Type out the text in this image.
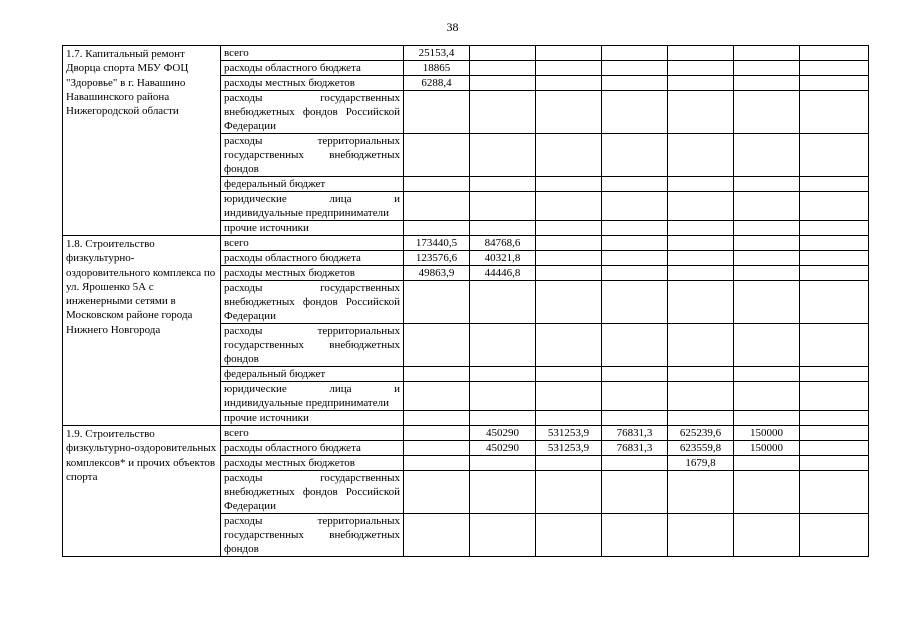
38
1.7. Капитальный ремонт Дворца спорта МБУ ФОЦ "Здоровье" в г. Навашино Навашинского района Нижегородской области	всего	25153,4						
	расходы областного бюджета	18865						
	расходы местных бюджетов	6288,4						
	расходы государственных внебюджетных фондов Российской Федерации							
	расходы территориальных государственных внебюджетных фондов							
	федеральный бюджет							
	юридические лица и индивидуальные предприниматели							
	прочие источники							
1.8. Строительство физкультурно-оздоровительного комплекса по ул. Ярошенко 5А с инженерными сетями в Московском районе города Нижнего Новгорода	всего	173440,5	84768,6					
	расходы областного бюджета	123576,6	40321,8					
	расходы местных бюджетов	49863,9	44446,8					
	расходы государственных внебюджетных фондов Российской Федерации							
	расходы территориальных государственных внебюджетных фондов							
	федеральный бюджет							
	юридические лица и индивидуальные предприниматели							
	прочие источники							
1.9. Строительство физкультурно-оздоровительных комплексов* и прочих объектов спорта	всего		450290	531253,9	76831,3	625239,6	150000	
	расходы областного бюджета		450290	531253,9	76831,3	623559,8	150000	
	расходы местных бюджетов					1679,8		
	расходы государственных внебюджетных фондов Российской Федерации							
	расходы территориальных государственных внебюджетных фондов							
